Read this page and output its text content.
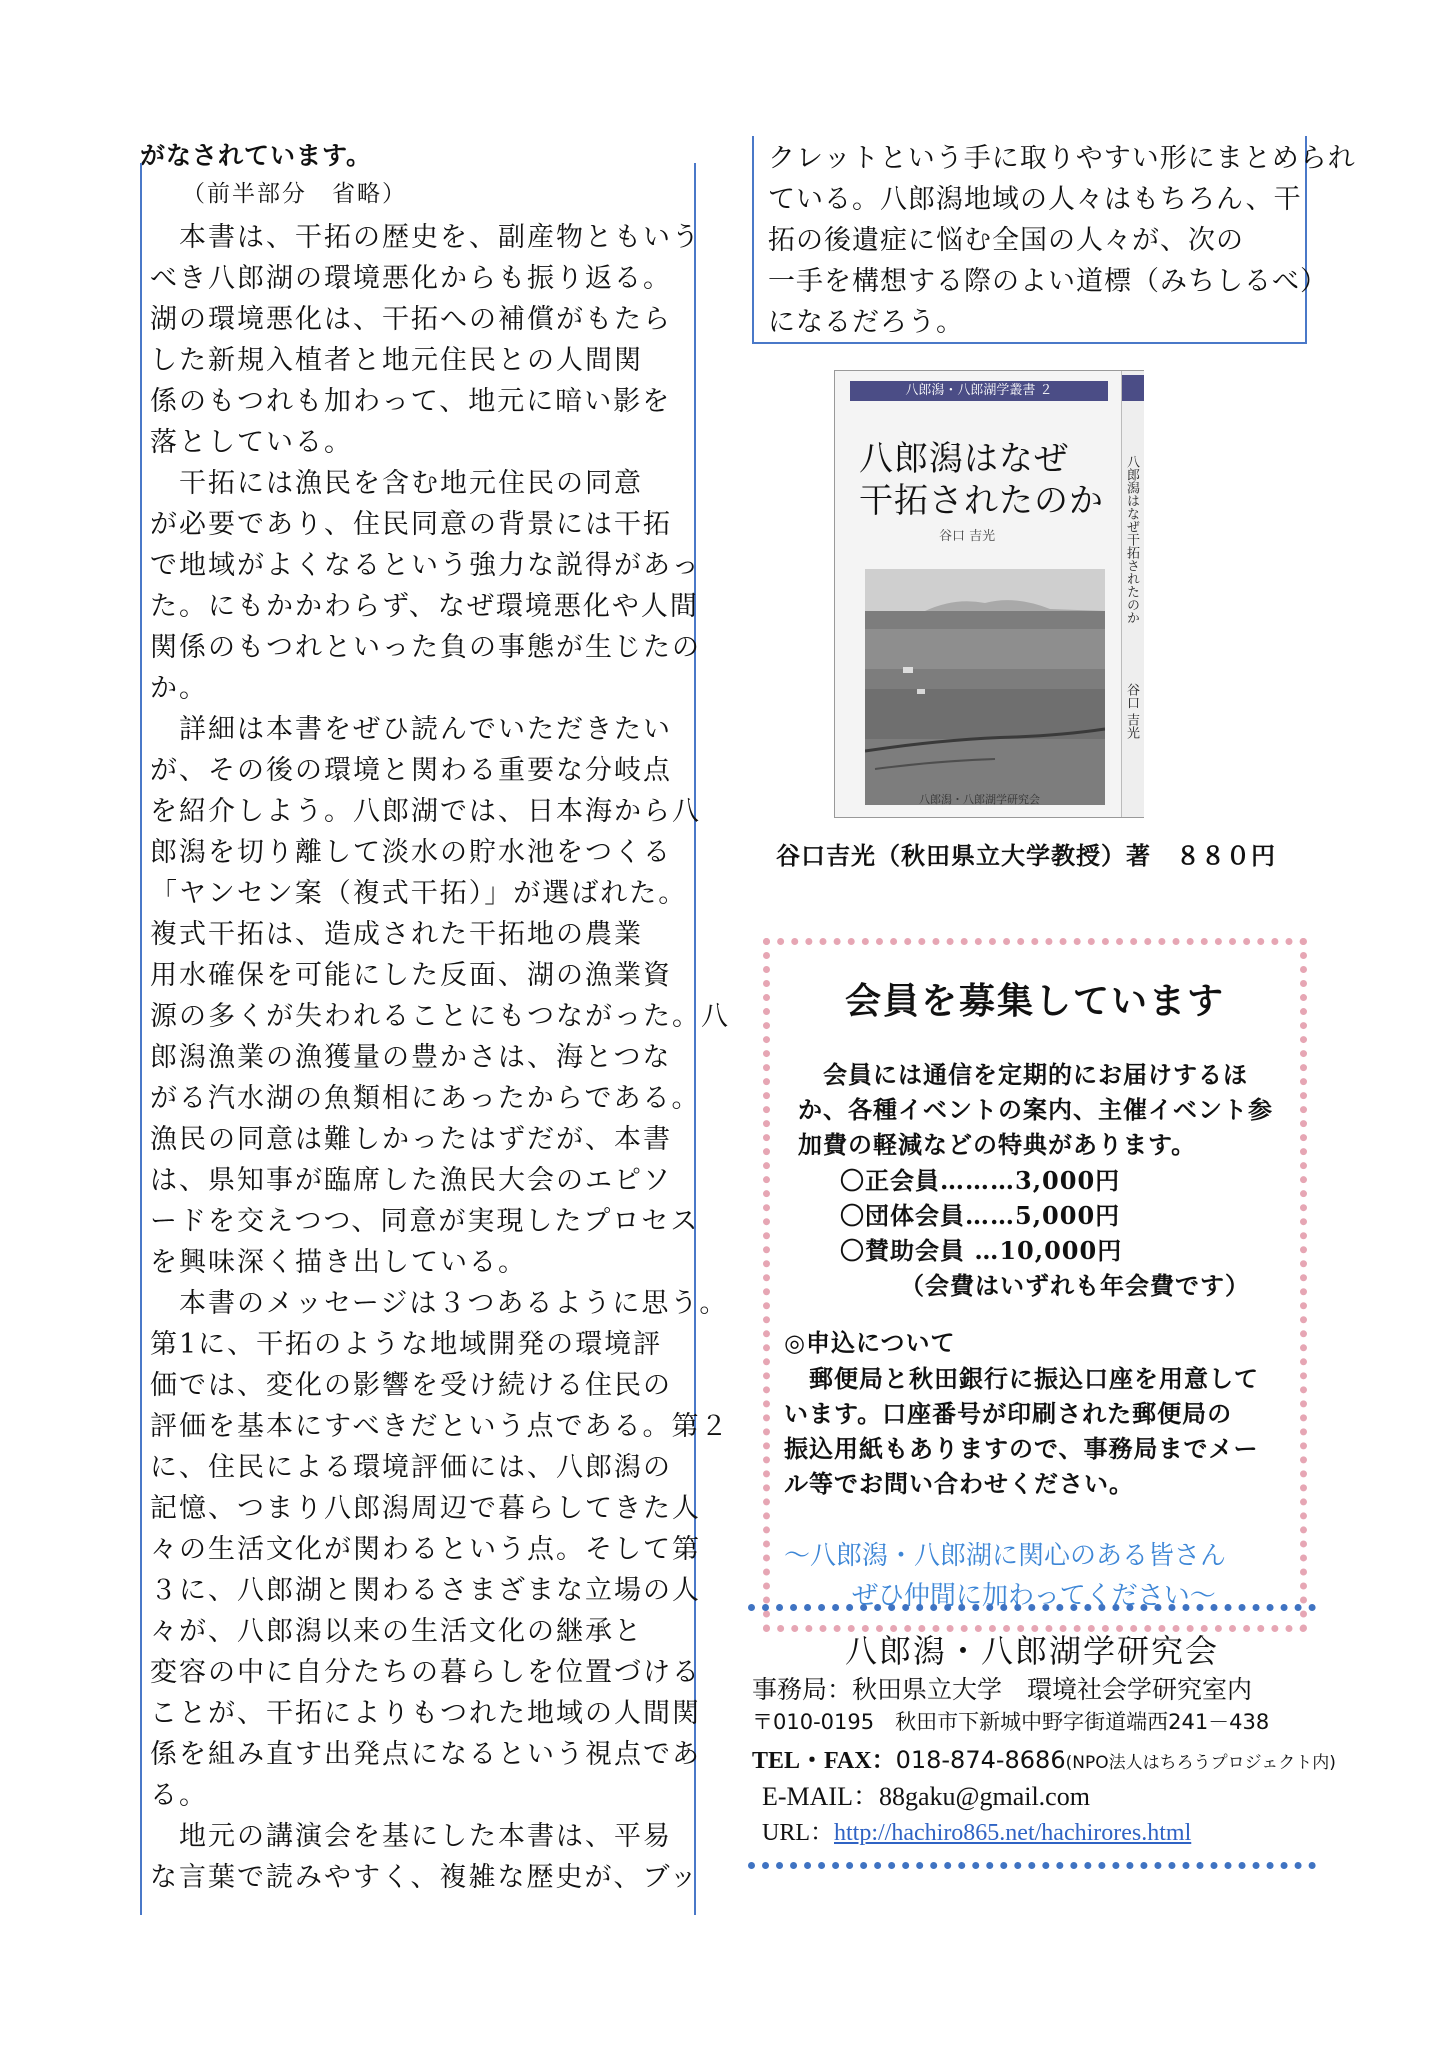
がなされています。
（前半部分　省略）
　本書は、干拓の歴史を、副産物ともいう
べき八郎湖の環境悪化からも振り返る。
湖の環境悪化は、干拓への補償がもたら
した新規入植者と地元住民との人間関
係のもつれも加わって、地元に暗い影を
落としている。
　干拓には漁民を含む地元住民の同意
が必要であり、住民同意の背景には干拓
で地域がよくなるという強力な説得があっ
た。にもかかわらず、なぜ環境悪化や人間
関係のもつれといった負の事態が生じたの
か。
　詳細は本書をぜひ読んでいただきたい
が、その後の環境と関わる重要な分岐点
を紹介しよう。八郎湖では、日本海から八
郎潟を切り離して淡水の貯水池をつくる
「ヤンセン案（複式干拓）」が選ばれた。
複式干拓は、造成された干拓地の農業
用水確保を可能にした反面、湖の漁業資
源の多くが失われることにもつながった。八
郎潟漁業の漁獲量の豊かさは、海とつな
がる汽水湖の魚類相にあったからである。
漁民の同意は難しかったはずだが、本書
は、県知事が臨席した漁民大会のエピソ
ードを交えつつ、同意が実現したプロセス
を興味深く描き出している。
　本書のメッセージは３つあるように思う。
第1に、干拓のような地域開発の環境評
価では、変化の影響を受け続ける住民の
評価を基本にすべきだという点である。第２
に、住民による環境評価には、八郎潟の
記憶、つまり八郎潟周辺で暮らしてきた人
々の生活文化が関わるという点。そして第
３に、八郎湖と関わるさまざまな立場の人
々が、八郎潟以来の生活文化の継承と
変容の中に自分たちの暮らしを位置づける
ことが、干拓によりもつれた地域の人間関
係を組み直す出発点になるという視点であ
る。
　地元の講演会を基にした本書は、平易
な言葉で読みやすく、複雑な歴史が、ブッ
クレットという手に取りやすい形にまとめられ
ている。八郎潟地域の人々はもちろん、干
拓の後遺症に悩む全国の人々が、次の
一手を構想する際のよい道標（みちしるべ）
になるだろう。
八郎潟・八郎湖学叢書 ２
八郎潟はなぜ
干拓されたのか
谷口 吉光
八郎潟・八郎湖学研究会
八郎潟はなぜ干拓されたのか
谷口 吉光
谷口吉光（秋田県立大学教授）著　８８０円
会員を募集しています
　会員には通信を定期的にお届けするほ
か、各種イベントの案内、主催イベント参
加費の軽減などの特典があります。
〇正会員………3,000円
〇団体会員……5,000円
〇賛助会員 …10,000円
（会費はいずれも年会費です）
◎申込について
　郵便局と秋田銀行に振込口座を用意して
います。口座番号が印刷された郵便局の
振込用紙もありますので、事務局までメー
ル等でお問い合わせください。
～八郎潟・八郎湖に関心のある皆さん
ぜひ仲間に加わってください～
八郎潟・八郎湖学研究会
事務局：秋田県立大学　環境社会学研究室内
〒010-0195　秋田市下新城中野字街道端西241－438
TEL・FAX：018-874-8686(NPO法人はちろうプロジェクト内)
E-MAIL：88gaku@gmail.com
URL：http://hachiro865.net/hachirores.html
